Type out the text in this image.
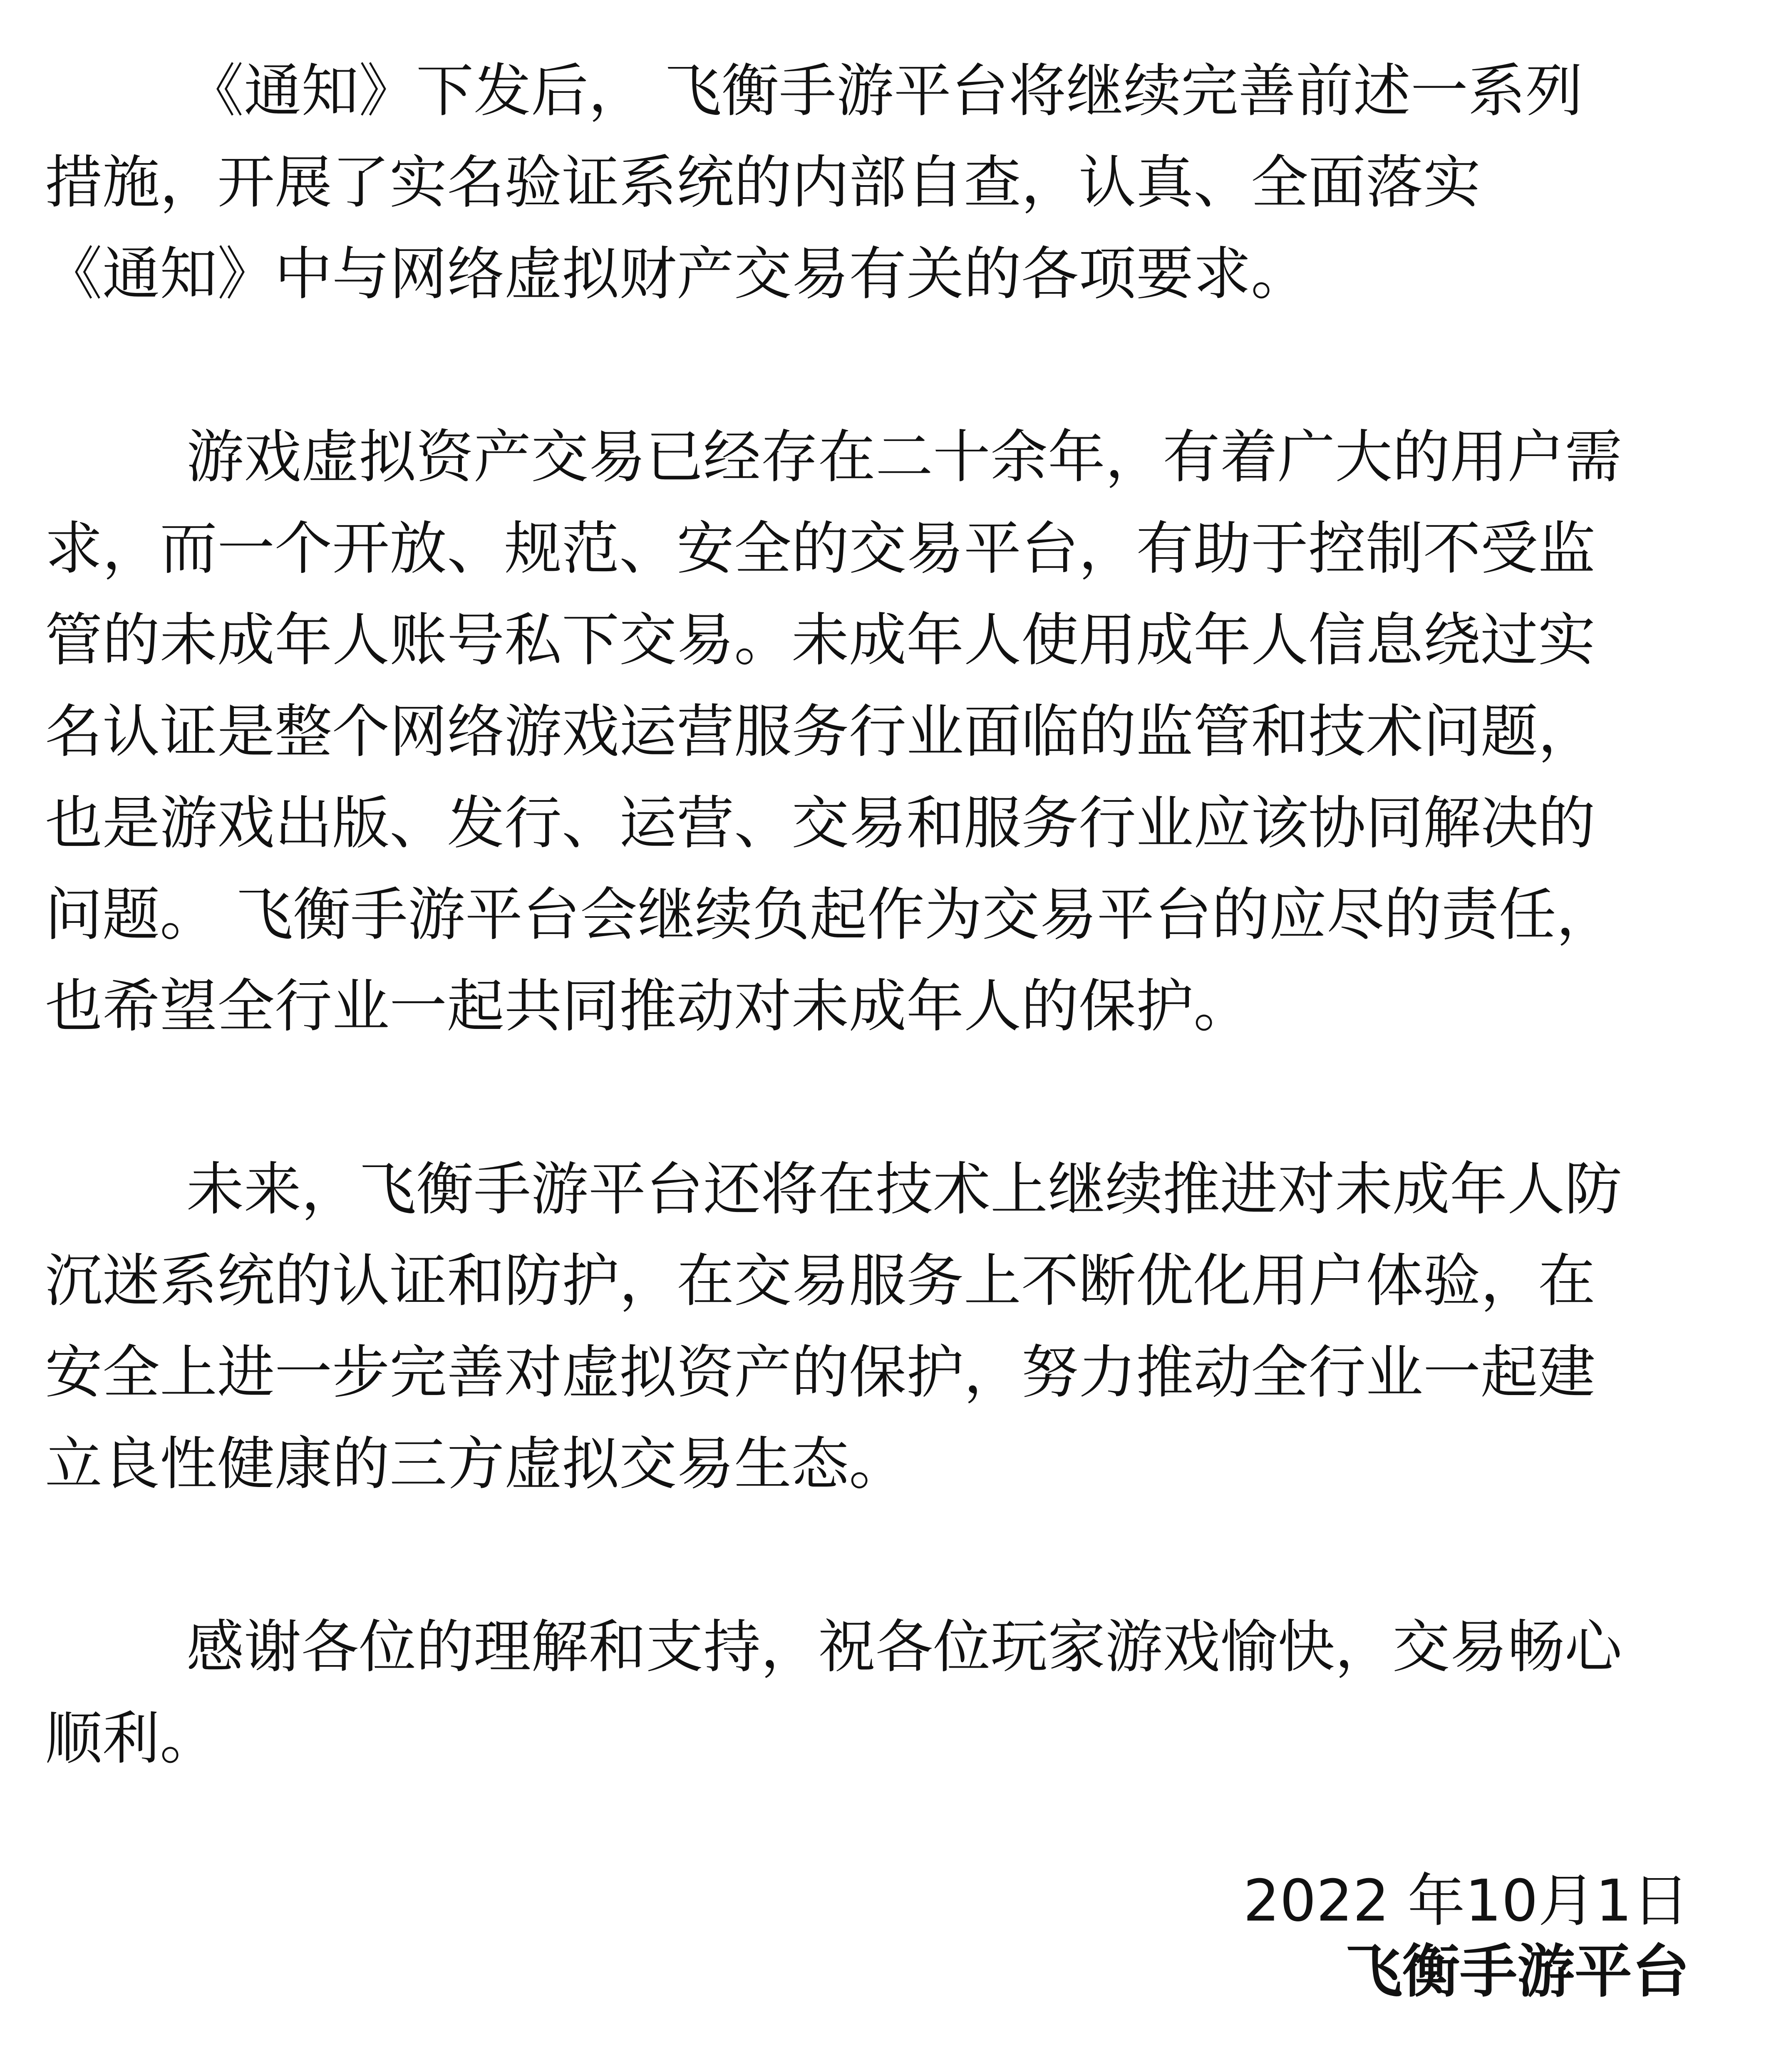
《通知》下发后， 飞衡手游平台将继续完善前述一系列
措施，开展了实名验证系统的内部自查，认真、全面落实
《通知》中与网络虚拟财产交易有关的各项要求。
游戏虚拟资产交易已经存在二十余年，有着广大的用户需
求，而一个开放、规范、安全的交易平台，有助于控制不受监
管的未成年人账号私下交易。未成年人使用成年人信息绕过实
名认证是整个网络游戏运营服务行业面临的监管和技术问题，
也是游戏出版、发行、运营、交易和服务行业应该协同解决的
问题。 飞衡手游平台会继续负起作为交易平台的应尽的责任，
也希望全行业一起共同推动对未成年人的保护。
未来，飞衡手游平台还将在技术上继续推进对未成年人防
沉迷系统的认证和防护，在交易服务上不断优化用户体验，在
安全上进一步完善对虚拟资产的保护，努力推动全行业一起建
立良性健康的三方虚拟交易生态。
感谢各位的理解和支持，祝各位玩家游戏愉快，交易畅心
顺利。
2022 年10月1日
飞衡手游平台
